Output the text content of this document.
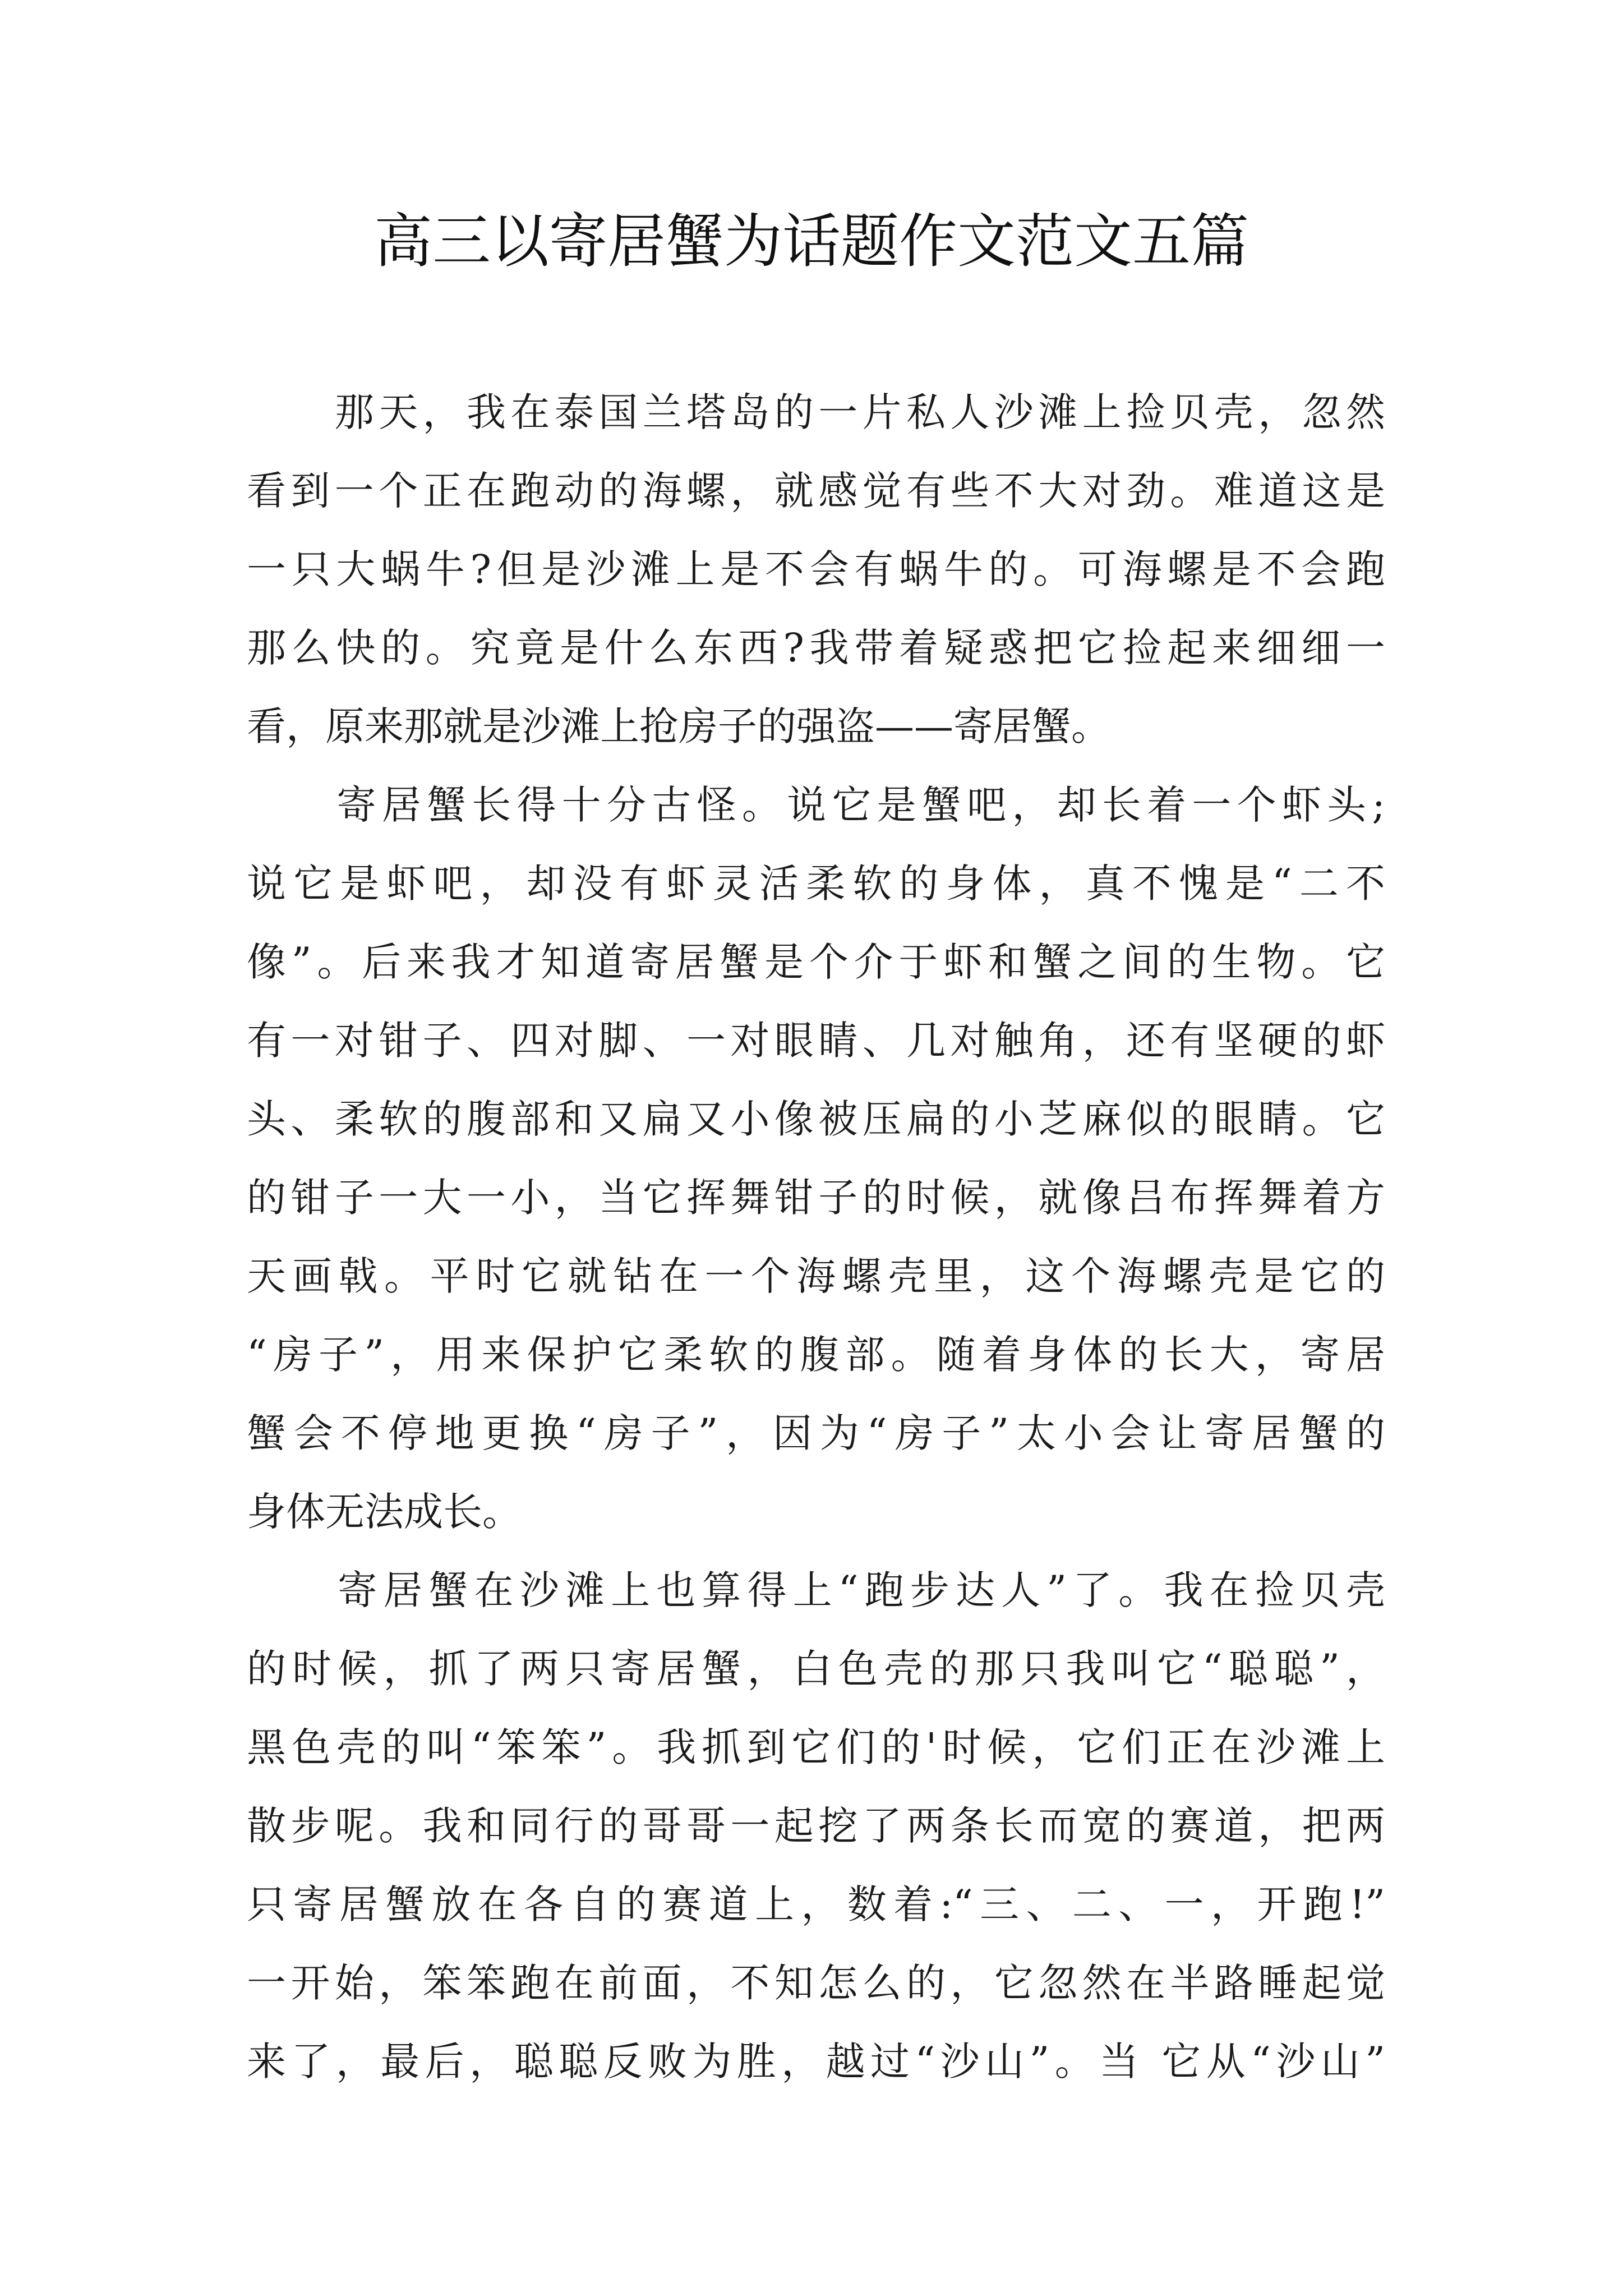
高三以寄居蟹为话题作文范文五篇

　　那天，我在泰国兰塔岛的一片私人沙滩上捡贝壳，忽然
看到一个正在跑动的海螺，就感觉有些不大对劲。难道这是
一只大蜗牛?但是沙滩上是不会有蜗牛的。可海螺是不会跑
那么快的。究竟是什么东西?我带着疑惑把它捡起来细细一
看，原来那就是沙滩上抢房子的强盗——寄居蟹。

　　寄居蟹长得十分古怪。说它是蟹吧，却长着一个虾头;
说它是虾吧，却没有虾灵活柔软的身体，真不愧是“二不
像”。后来我才知道寄居蟹是个介于虾和蟹之间的生物。它
有一对钳子、四对脚、一对眼睛、几对触角，还有坚硬的虾
头、柔软的腹部和又扁又小像被压扁的小芝麻似的眼睛。它
的钳子一大一小，当它挥舞钳子的时候，就像吕布挥舞着方
天画戟。平时它就钻在一个海螺壳里，这个海螺壳是它的
“房子”，用来保护它柔软的腹部。随着身体的长大，寄居
蟹会不停地更换“房子”，因为“房子”太小会让寄居蟹的
身体无法成长。

　　寄居蟹在沙滩上也算得上“跑步达人”了。我在捡贝壳
的时候，抓了两只寄居蟹，白色壳的那只我叫它“聪聪”，
黑色壳的叫“笨笨”。我抓到它们的'时候，它们正在沙滩上
散步呢。我和同行的哥哥一起挖了两条长而宽的赛道，把两
只寄居蟹放在各自的赛道上，数着:“三、二、一，开跑!”
一开始，笨笨跑在前面，不知怎么的，它忽然在半路睡起觉
来了，最后，聪聪反败为胜，越过“沙山”。当 它从“沙山”
